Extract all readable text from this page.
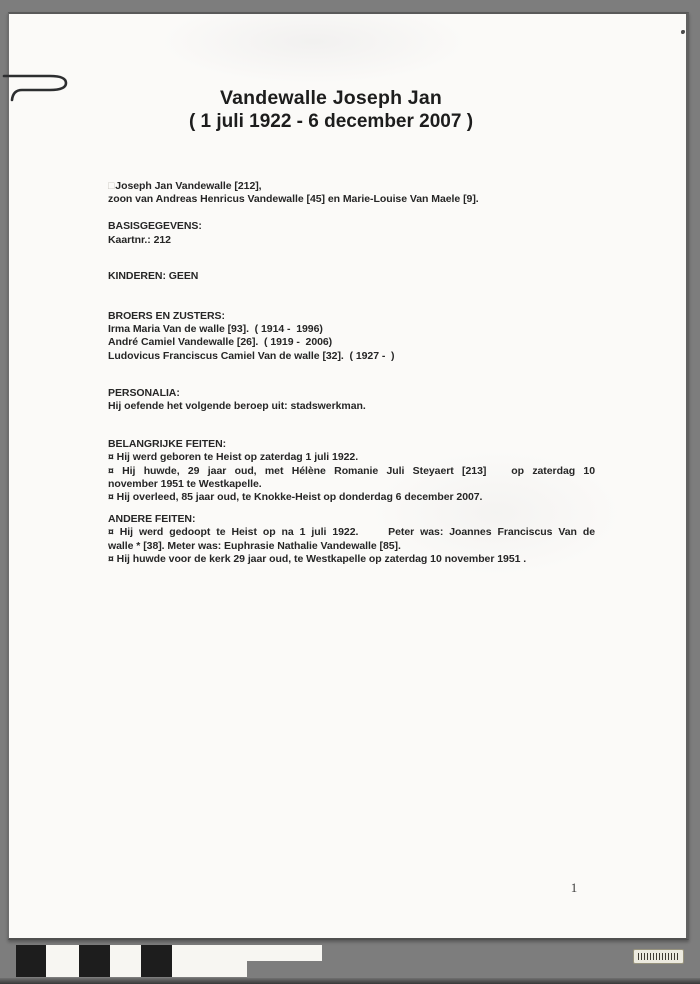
Vandewalle Joseph Jan
( 1 juli 1922 - 6 december 2007 )
□Joseph Jan Vandewalle [212],
zoon van Andreas Henricus Vandewalle [45] en Marie-Louise Van Maele [9].
BASISGEGEVENS:
Kaartnr.: 212
KINDEREN: GEEN
BROERS EN ZUSTERS:
Irma Maria Van de walle [93].  ( 1914 -  1996)
André Camiel Vandewalle [26].  ( 1919 -  2006)
Ludovicus Franciscus Camiel Van de walle [32].  ( 1927 -  )
PERSONALIA:
Hij oefende het volgende beroep uit: stadswerkman.
BELANGRIJKE FEITEN:
¤ Hij werd geboren te Heist op zaterdag 1 juli 1922.
¤ Hij huwde, 29 jaar oud, met Hélène Romanie Juli Steyaert [213]   op zaterdag 10
november 1951 te Westkapelle.
¤ Hij overleed, 85 jaar oud, te Knokke-Heist op donderdag 6 december 2007.
ANDERE FEITEN:
¤ Hij werd gedoopt te Heist op na 1 juli 1922.     Peter was: Joannes Franciscus Van de
walle * [38]. Meter was: Euphrasie Nathalie Vandewalle [85].
¤ Hij huwde voor de kerk 29 jaar oud, te Westkapelle op zaterdag 10 november 1951 .
1
